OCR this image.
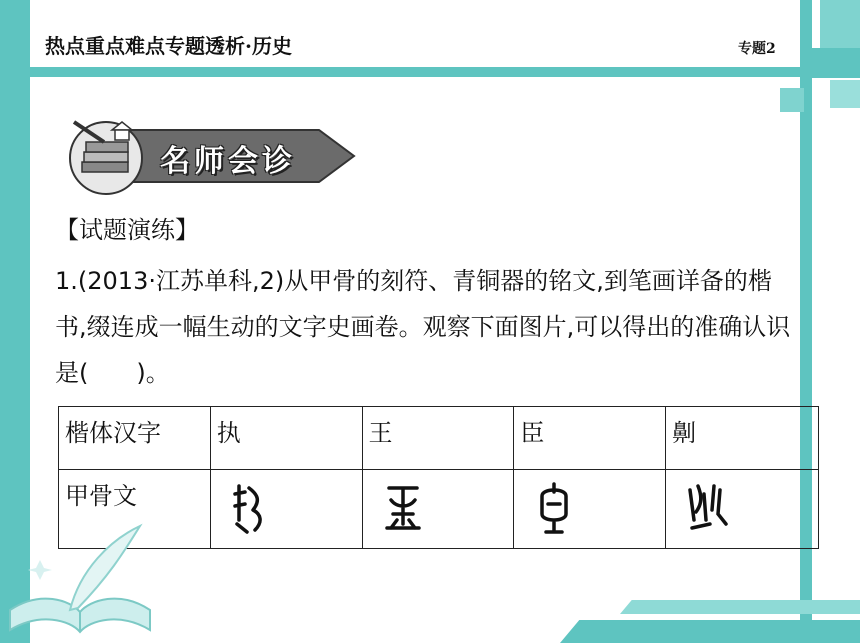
热点重点难点专题透析·历史	专题2
名师会诊
【试题演练】
1.(2013·江苏单科,2)从甲骨的刻符、青铜器的铭文,到笔画详备的楷书,缀连成一幅生动的文字史画卷。观察下面图片,可以得出的准确认识是(　　)。
楷体汉字	执	王	臣	劓
甲骨文	
